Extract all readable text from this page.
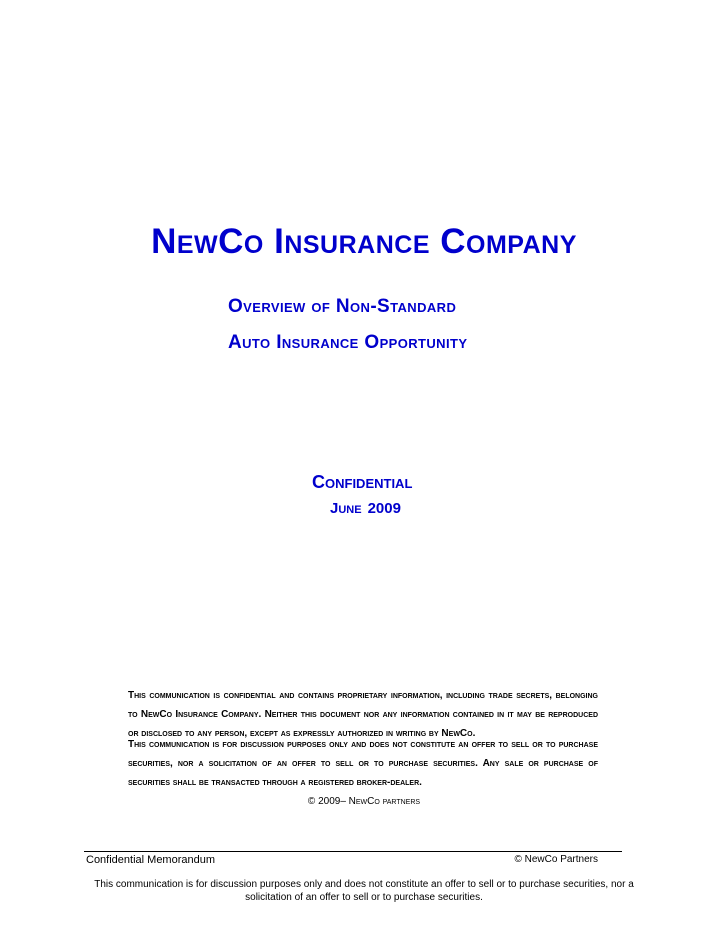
NewCo Insurance Company
Overview of Non-Standard
Auto Insurance Opportunity
Confidential
June 2009
This communication is confidential and contains proprietary information, including trade secrets, belonging to NewCo Insurance Company. Neither this document nor any information contained in it may be reproduced or disclosed to any person, except as expressly authorized in writing by NewCo.
This communication is for discussion purposes only and does not constitute an offer to sell or to purchase securities, nor a solicitation of an offer to sell or to purchase securities. Any sale or purchase of securities shall be transacted through a registered broker-dealer.
© 2009– NewCo partners
Confidential Memorandum	© NewCo Partners
This communication is for discussion purposes only and does not constitute an offer to sell or to purchase securities, nor a solicitation of an offer to sell or to purchase securities.
